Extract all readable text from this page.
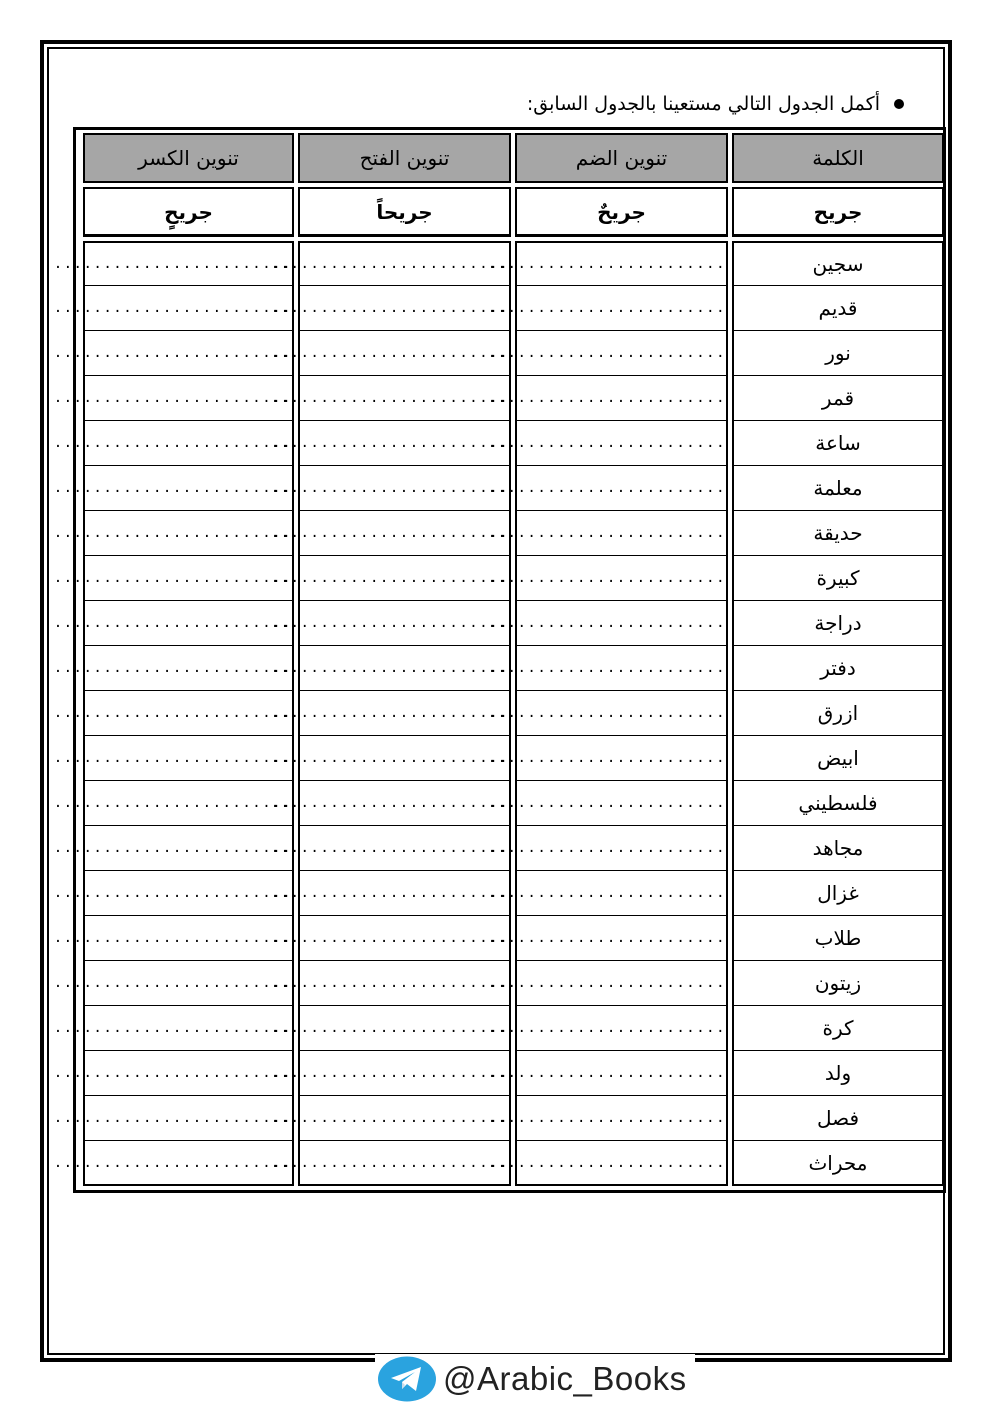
أكمل الجدول التالي مستعينا بالجدول السابق:
الكلمة	تنوين الضم	تنوين الفتح	تنوين الكسر

جريح	جريحٌ	جريحاً	جريحٍ

سجين	........................	........................	........................
قديم	........................	........................	........................
نور	........................	........................	........................
قمر	........................	........................	........................
ساعة	........................	........................	........................
معلمة	........................	........................	........................
حديقة	........................	........................	........................
كبيرة	........................	........................	........................
دراجة	........................	........................	........................
دفتر	........................	........................	........................
ازرق	........................	........................	........................
ابيض	........................	........................	........................
فلسطيني	........................	........................	........................
مجاهد	........................	........................	........................
غزال	........................	........................	........................
طلاب	........................	........................	........................
زيتون	........................	........................	........................
كرة	........................	........................	........................
ولد	........................	........................	........................
فصل	........................	........................	........................
محراث	........................	........................	........................
@Arabic_Books
